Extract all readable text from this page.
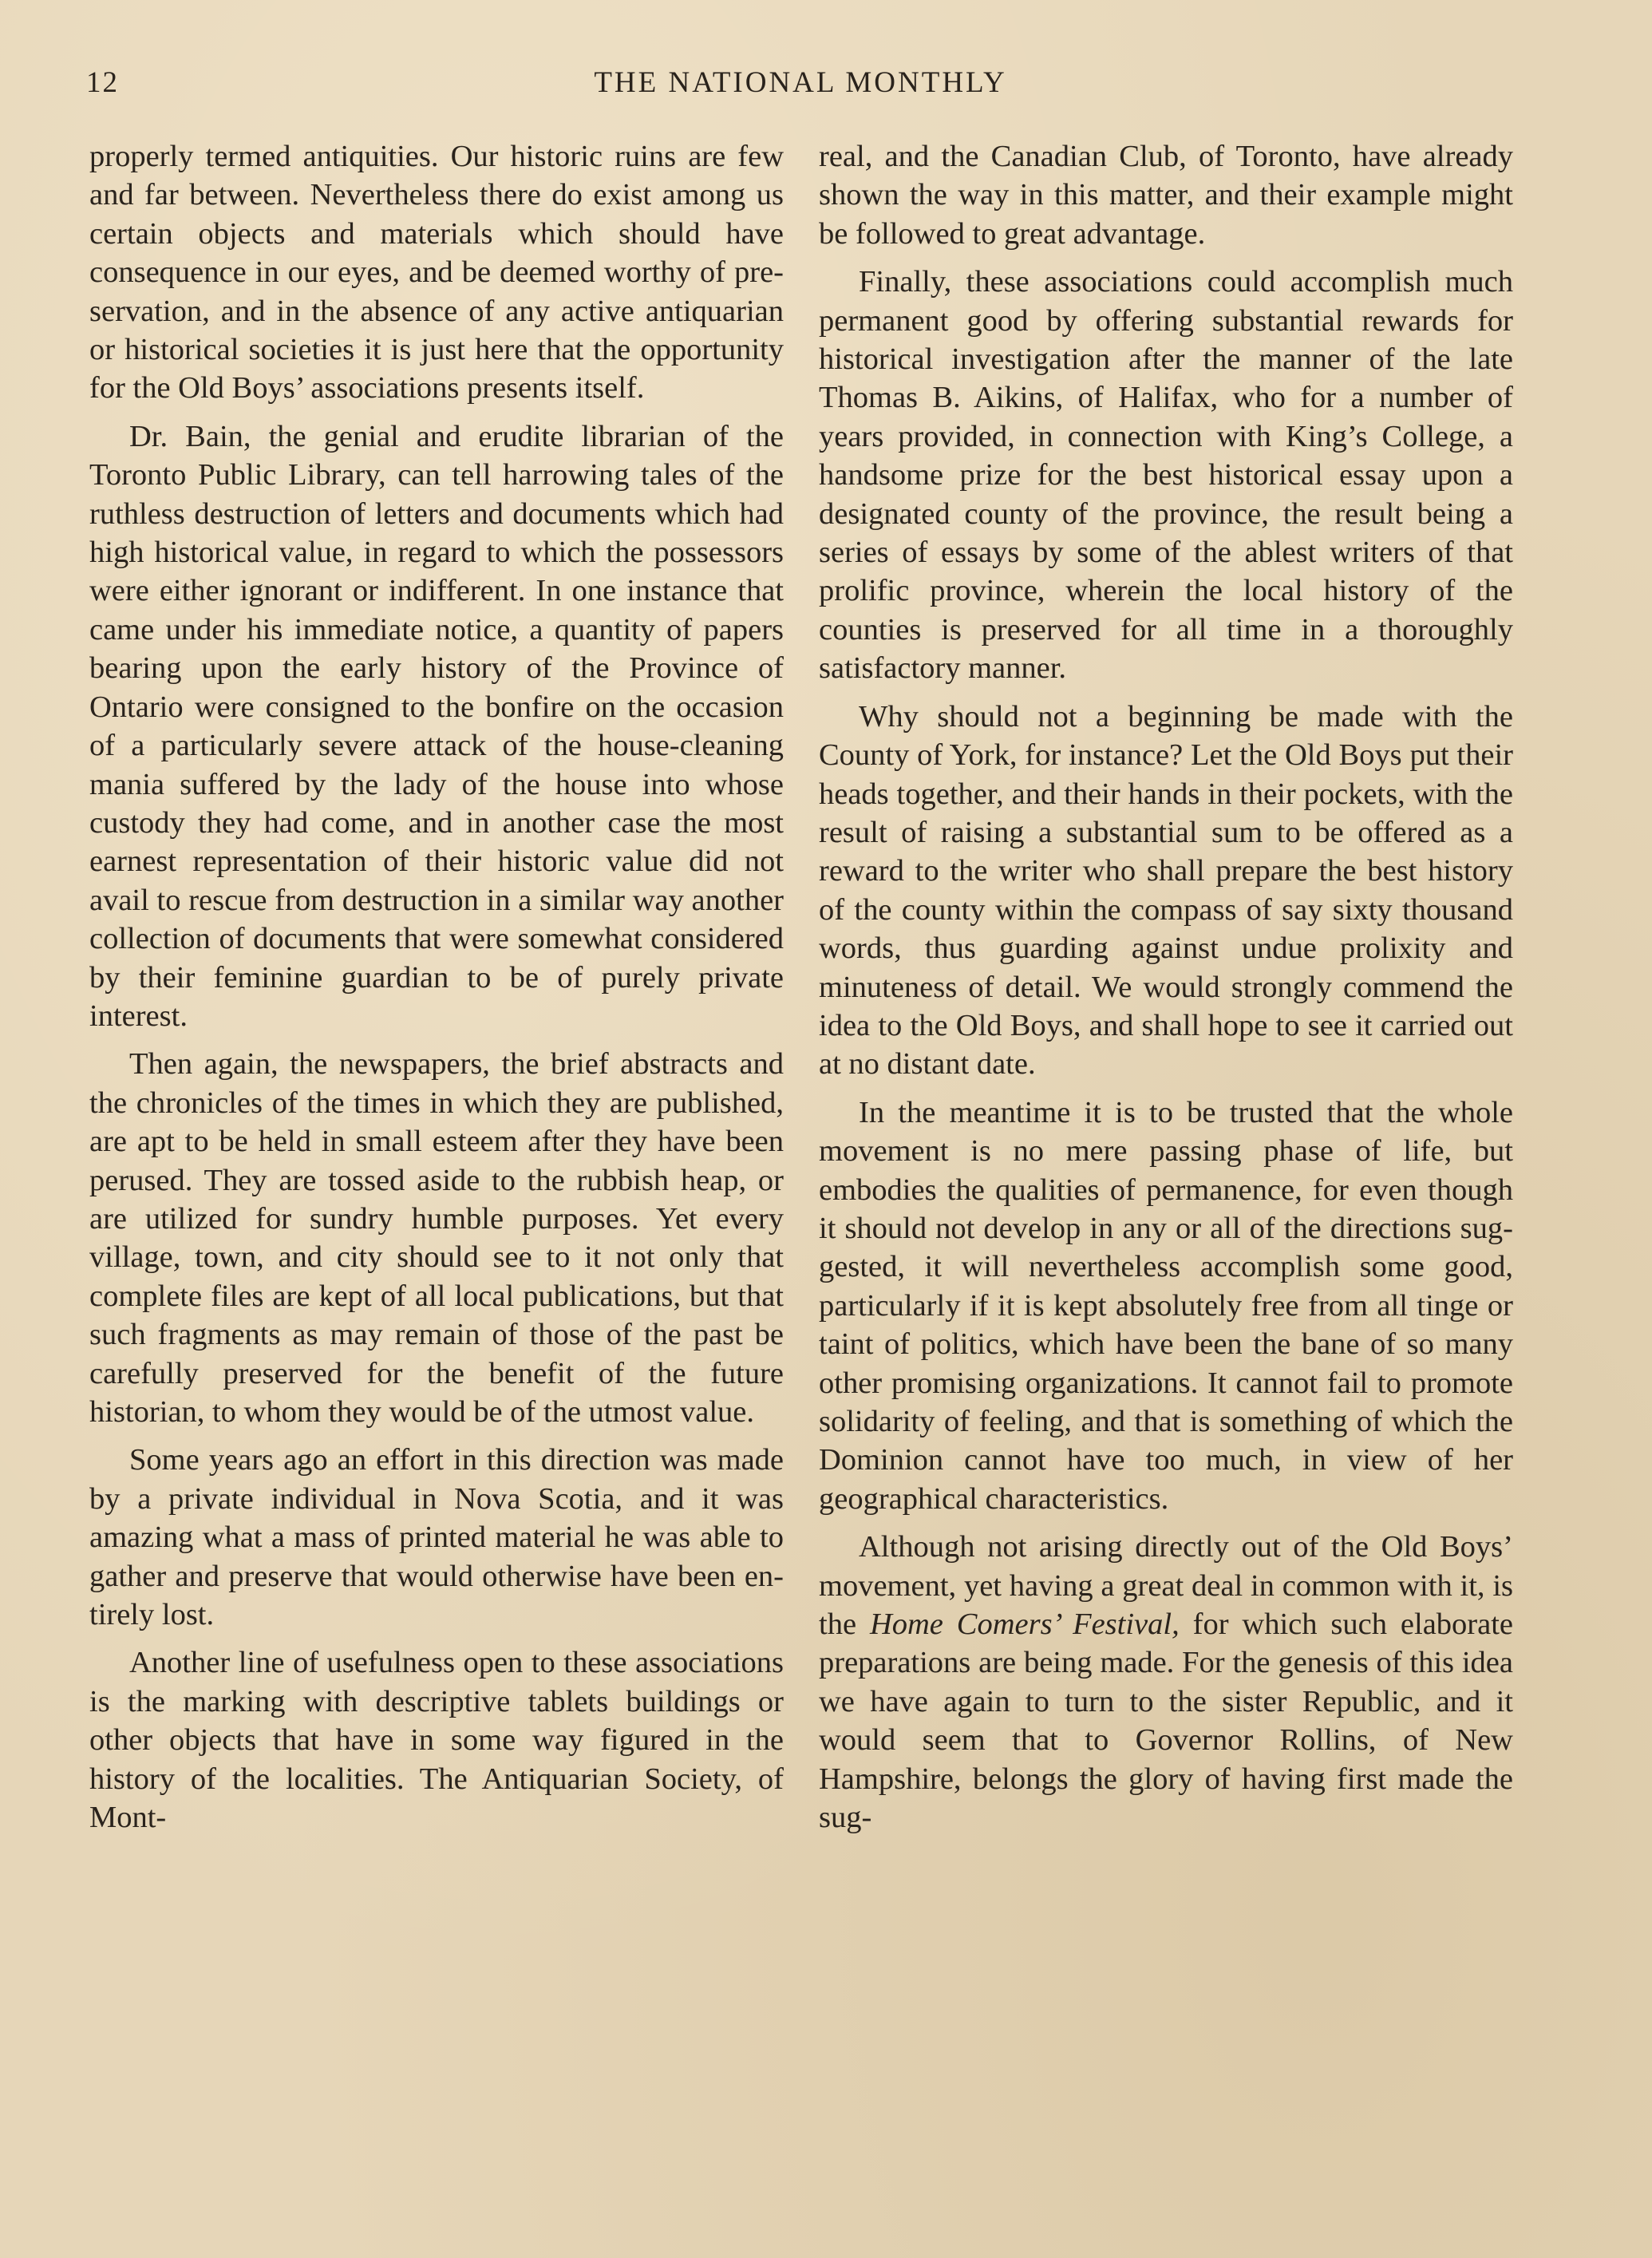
12	THE NATIONAL MONTHLY

properly termed antiquities. Our historic ruins are few and far between. Nevertheless there do exist among us certain objects and materials which should have consequence in our eyes, and be deemed worthy of preservation, and in the absence of any active antiquarian or historical societies it is just here that the opportunity for the Old Boys’ associations presents itself.

Dr. Bain, the genial and erudite librarian of the Toronto Public Library, can tell harrowing tales of the ruthless destruction of letters and documents which had high historical value, in regard to which the possessors were either ignorant or indifferent. In one instance that came under his immediate notice, a quantity of papers bearing upon the early history of the Province of Ontario were consigned to the bonfire on the occasion of a particularly severe attack of the house-cleaning mania suffered by the lady of the house into whose custody they had come, and in another case the most earnest representation of their historic value did not avail to rescue from destruction in a similar way another collection of documents that were somewhat considered by their feminine guardian to be of purely private interest.

Then again, the newspapers, the brief abstracts and the chronicles of the times in which they are published, are apt to be held in small esteem after they have been perused. They are tossed aside to the rubbish heap, or are utilized for sundry humble purposes. Yet every village, town, and city should see to it not only that complete files are kept of all local publications, but that such fragments as may remain of those of the past be carefully preserved for the benefit of the future historian, to whom they would be of the utmost value.

Some years ago an effort in this direction was made by a private individual in Nova Scotia, and it was amazing what a mass of printed material he was able to gather and preserve that would otherwise have been entirely lost.

Another line of usefulness open to these associations is the marking with descriptive tablets buildings or other objects that have in some way figured in the history of the localities. The Antiquarian Society, of Mont-

real, and the Canadian Club, of Toronto, have already shown the way in this matter, and their example might be followed to great advantage.

Finally, these associations could accomplish much permanent good by offering substantial rewards for historical investigation after the manner of the late Thomas B. Aikins, of Halifax, who for a number of years provided, in connection with King’s College, a handsome prize for the best historical essay upon a designated county of the province, the result being a series of essays by some of the ablest writers of that prolific province, wherein the local history of the counties is preserved for all time in a thoroughly satisfactory manner.

Why should not a beginning be made with the County of York, for instance? Let the Old Boys put their heads together, and their hands in their pockets, with the result of raising a substantial sum to be offered as a reward to the writer who shall prepare the best history of the county within the compass of say sixty thousand words, thus guarding against undue prolixity and minuteness of detail. We would strongly commend the idea to the Old Boys, and shall hope to see it carried out at no distant date.

In the meantime it is to be trusted that the whole movement is no mere passing phase of life, but embodies the qualities of permanence, for even though it should not develop in any or all of the directions suggested, it will nevertheless accomplish some good, particularly if it is kept absolutely free from all tinge or taint of politics, which have been the bane of so many other promising organizations. It cannot fail to promote solidarity of feeling, and that is something of which the Dominion cannot have too much, in view of her geographical characteristics.

Although not arising directly out of the Old Boys’ movement, yet having a great deal in common with it, is the Home Comers’ Festival, for which such elaborate preparations are being made. For the genesis of this idea we have again to turn to the sister Republic, and it would seem that to Governor Rollins, of New Hampshire, belongs the glory of having first made the sug-
